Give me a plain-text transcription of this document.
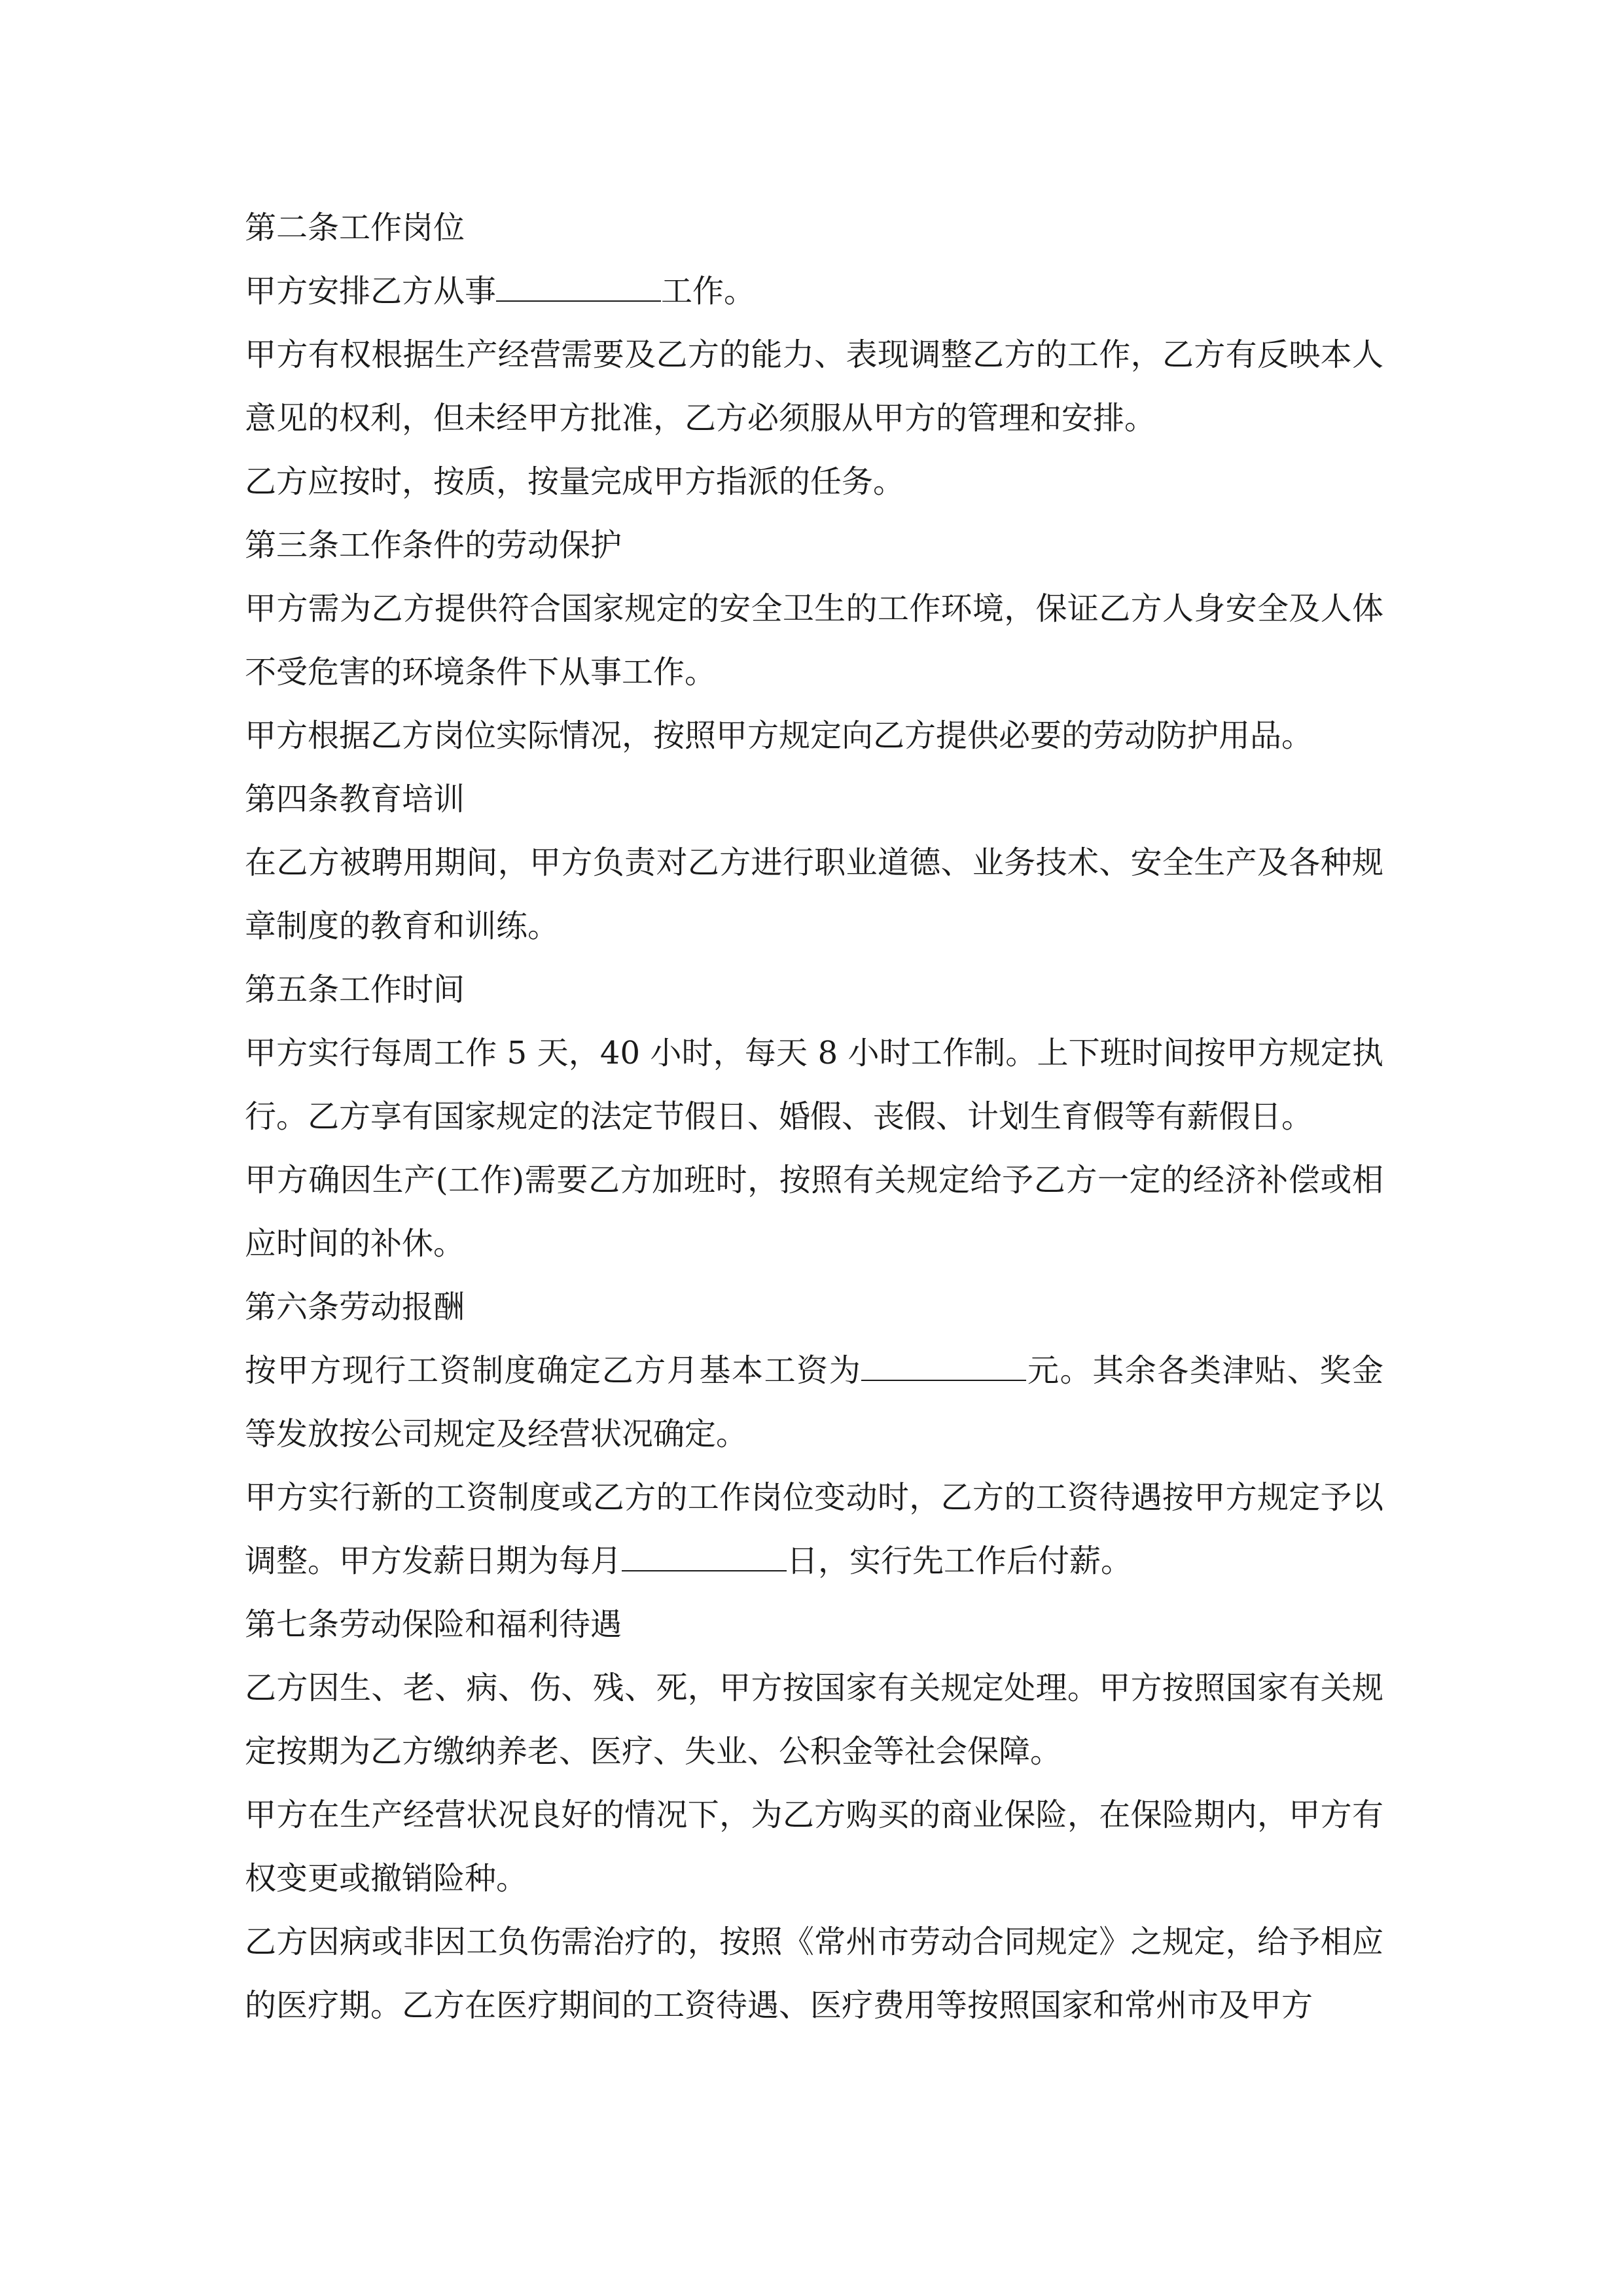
第二条工作岗位

甲方安排乙方从事	工作。

甲方有权根据生产经营需要及乙方的能力、表现调整乙方的工作，乙方有反映本人意见的权利，但未经甲方批准，乙方必须服从甲方的管理和安排。

乙方应按时，按质，按量完成甲方指派的任务。

第三条工作条件的劳动保护

甲方需为乙方提供符合国家规定的安全卫生的工作环境，保证乙方人身安全及人体不受危害的环境条件下从事工作。

甲方根据乙方岗位实际情况，按照甲方规定向乙方提供必要的劳动防护用品。

第四条教育培训

在乙方被聘用期间，甲方负责对乙方进行职业道德、业务技术、安全生产及各种规章制度的教育和训练。

第五条工作时间

甲方实行每周工作 5 天，40 小时，每天 8 小时工作制。上下班时间按甲方规定执行。乙方享有国家规定的法定节假日、婚假、丧假、计划生育假等有薪假日。

甲方确因生产(工作)需要乙方加班时，按照有关规定给予乙方一定的经济补偿或相应时间的补休。

第六条劳动报酬

按甲方现行工资制度确定乙方月基本工资为	元。其余各类津贴、奖金等发放按公司规定及经营状况确定。

甲方实行新的工资制度或乙方的工作岗位变动时，乙方的工资待遇按甲方规定予以调整。甲方发薪日期为每月	日，实行先工作后付薪。

第七条劳动保险和福利待遇

乙方因生、老、病、伤、残、死，甲方按国家有关规定处理。甲方按照国家有关规定按期为乙方缴纳养老、医疗、失业、公积金等社会保障。

甲方在生产经营状况良好的情况下，为乙方购买的商业保险，在保险期内，甲方有权变更或撤销险种。

乙方因病或非因工负伤需治疗的，按照《常州市劳动合同规定》之规定，给予相应的医疗期。乙方在医疗期间的工资待遇、医疗费用等按照国家和常州市及甲方
